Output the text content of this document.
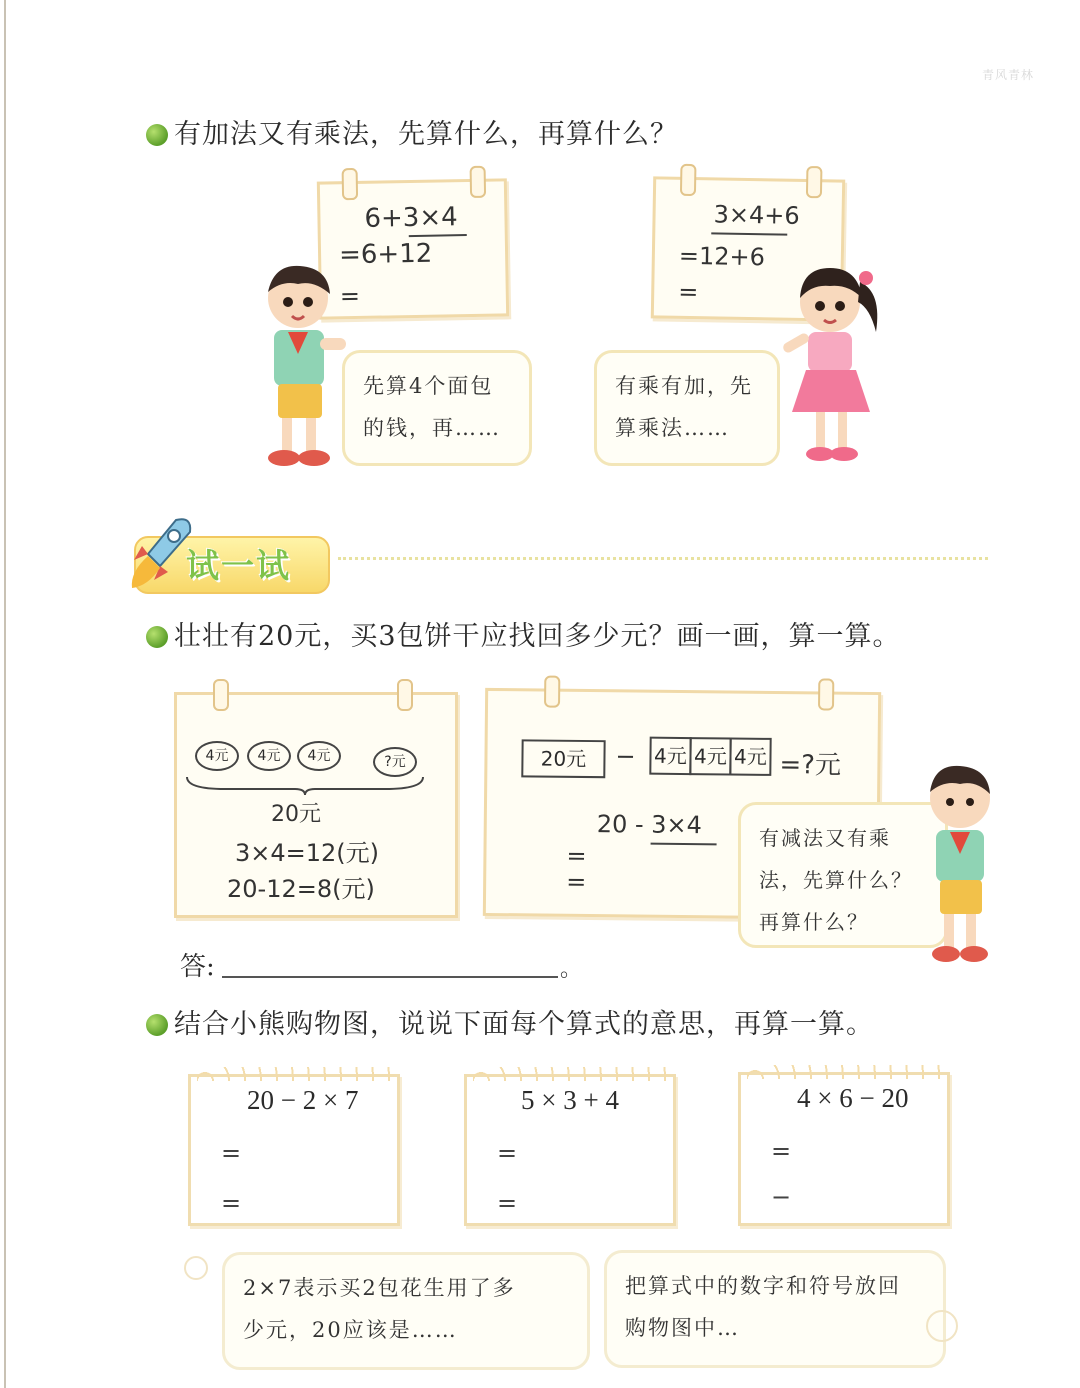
青风青林
有加法又有乘法，先算什么，再算什么？
6+3×4
=6+12
=
3×4+6
=12+6
=
先算4个面包
的钱，再……
有乘有加，先
算乘法……
试一试
壮壮有20元，买3包饼干应找回多少元？画一画，算一算。
4元	4元	4元	?元
20元
3×4=12(元)
20-12=8(元)
20元	− 4元 4元 4元 =?元
20 - 3×4
=
=
有减法又有乘
法，先算什么？
再算什么？
答:	。
结合小熊购物图，说说下面每个算式的意思，再算一算。
20 − 2 × 7
=
=
5 × 3 + 4
=
=
4 × 6 − 20
=
−
2×7表示买2包花生用了多
少元，20应该是……
把算式中的数字和符号放回
购物图中…
